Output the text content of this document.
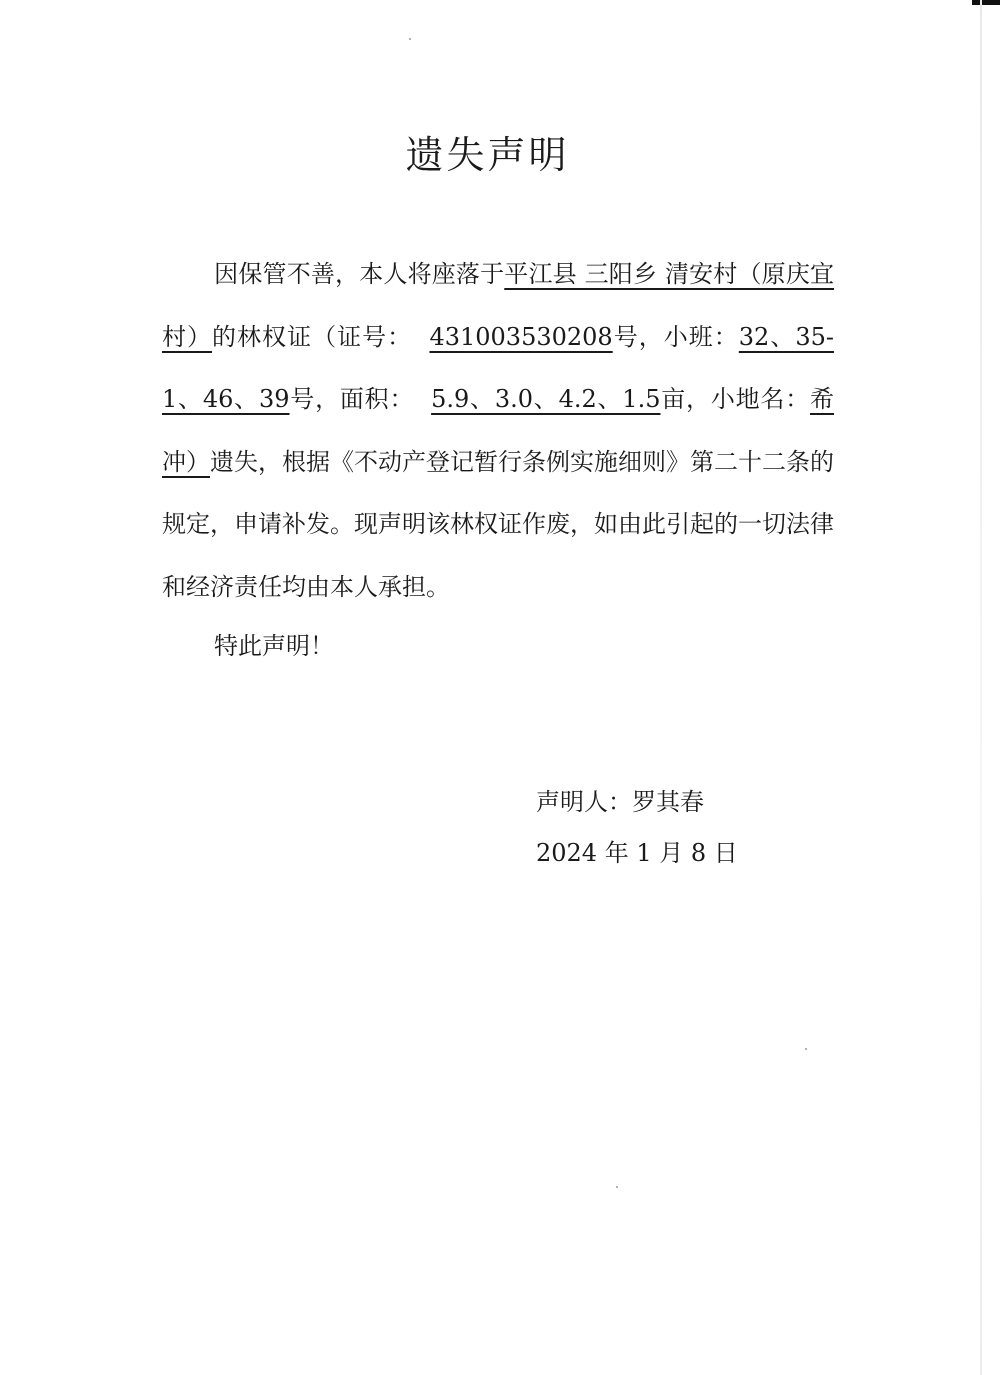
遗失声明

因保管不善，本人将座落于平江县 三阳乡 清安村（原庆宜村）的林权证（证号： 431003530208号，小班：32、35-1、46、39号，面积： 5.9、3.0、4.2、1.5亩，小地名：希冲）遗失，根据《不动产登记暂行条例实施细则》第二十二条的规定，申请补发。现声明该林权证作废，如由此引起的一切法律和经济责任均由本人承担。

特此声明！

声明人：罗其春

2024 年 1 月 8 日
